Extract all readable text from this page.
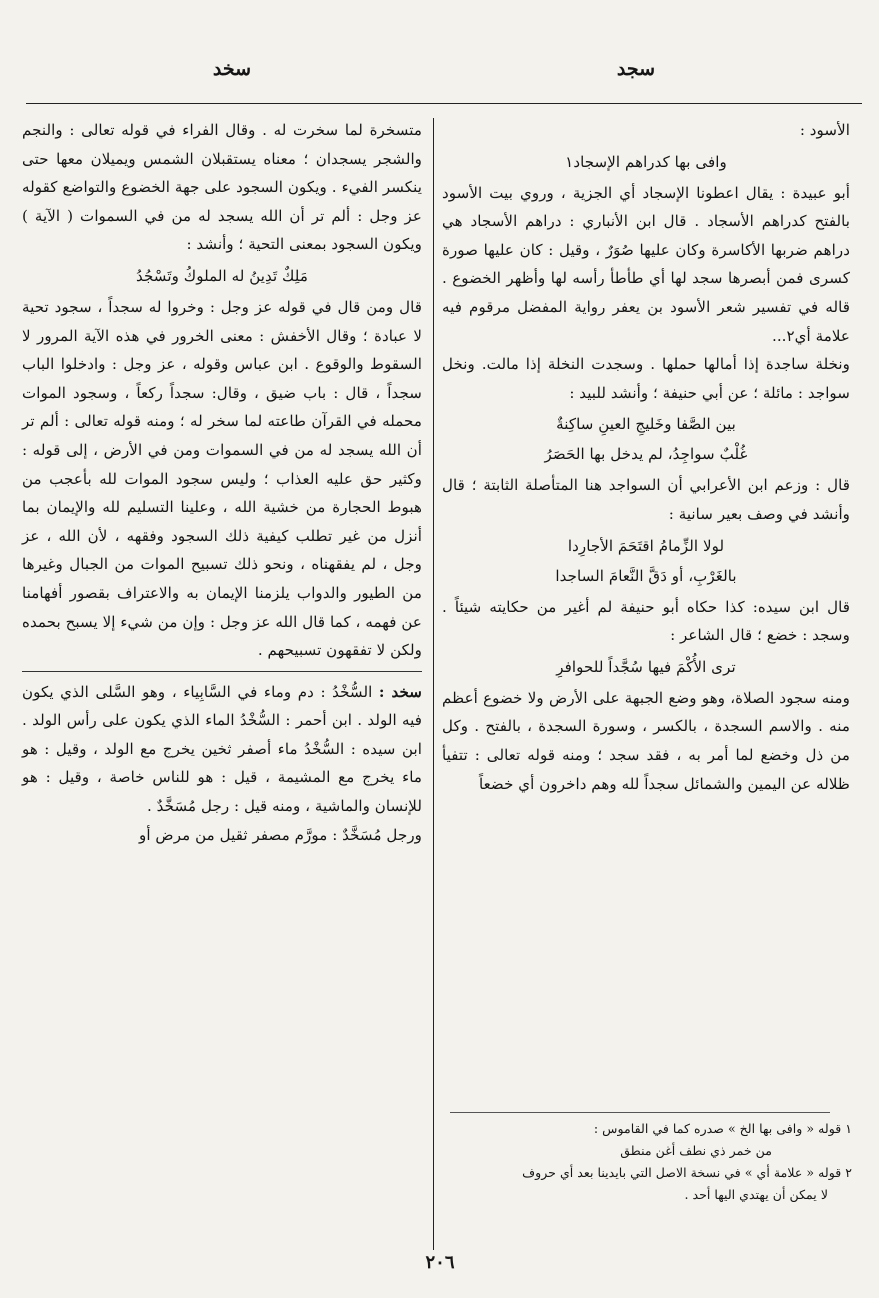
سجد
سخد

الأسود :

وافى بها كدراهم الإسجاد١

أبو عبيدة : يقال اعطونا الإسجاد أي الجزية ، وروي بيت الأسود بالفتح كدراهم الأسجاد . قال ابن الأنباري : دراهم الأسجاد هي دراهم ضربها الأكاسرة وكان عليها صُوَرٌ ، وقيل : كان عليها صورة كسرى فمن أبصرها سجد لها أي طأطأ رأسه لها وأظهر الخضوع . قاله في تفسير شعر الأسود بن يعفر رواية المفضل مرقوم فيه علامة أي٢...

ونخلة ساجدة إذا أمالها حملها . وسجدت النخلة إذا مالت. ونخل سواجد : مائلة ؛ عن أبي حنيفة ؛ وأنشد للبيد :

بين الصَّفا وخَليجِ العينِ ساكِنةٌ
غُلْبٌ سواجِدُ، لم يدخل بها الحَصَرُ

قال : وزعم ابن الأعرابي أن السواجد هنا المتأصلة الثابتة ؛ قال وأنشد في وصف بعير سانية :

لولا الزِّمامُ اقتَحَمَ الأجارِدا
بالغَرْبِ، أو دَقَّ النَّعامَ الساجدا

قال ابن سيده: كذا حكاه أبو حنيفة لم أغير من حكايته شيئاً . وسجد : خضع ؛ قال الشاعر :

ترى الأُكْمَ فيها سُجَّداً للحوافرِ

ومنه سجود الصلاة، وهو وضع الجبهة على الأرض ولا خضوع أعظم منه . والاسم السجدة ، بالكسر ، وسورة السجدة ، بالفتح . وكل من ذل وخضع لما أمر به ، فقد سجد ؛ ومنه قوله تعالى : تتفيأ ظلاله عن اليمين والشمائل سجداً لله وهم داخرون أي خضعاً

١ قوله « وافى بها الخ » صدره كما في القاموس :

من خمر ذي نطف أغن منطق

٢ قوله « علامة أي » في نسخة الاصل التي بايدينا بعد أي حروف

لا يمكن أن يهتدي اليها أحد .

متسخرة لما سخرت له . وقال الفراء في قوله تعالى : والنجم والشجر يسجدان ؛ معناه يستقبلان الشمس ويميلان معها حتى ينكسر الفيء . ويكون السجود على جهة الخضوع والتواضع كقوله عز وجل : ألم تر أن الله يسجد له من في السموات ( الآية ) ويكون السجود بمعنى التحية ؛ وأنشد :

مَلِكٌ تَدِينُ له الملوكُ وتَسْجُدُ

قال ومن قال في قوله عز وجل : وخروا له سجداً ، سجود تحية لا عبادة ؛ وقال الأخفش : معنى الخرور في هذه الآية المرور لا السقوط والوقوع . ابن عباس وقوله ، عز وجل : وادخلوا الباب سجداً ، قال : باب ضيق ، وقال: سجداً ركعاً ، وسجود الموات محمله في القرآن طاعته لما سخر له ؛ ومنه قوله تعالى : ألم تر أن الله يسجد له من في السموات ومن في الأرض ، إلى قوله : وكثير حق عليه العذاب ؛ وليس سجود الموات لله بأعجب من هبوط الحجارة من خشية الله ، وعلينا التسليم لله والإيمان بما أنزل من غير تطلب كيفية ذلك السجود وفقهه ، لأن الله ، عز وجل ، لم يفقهناه ، ونحو ذلك تسبيح الموات من الجبال وغيرها من الطيور والدواب يلزمنا الإيمان به والاعتراف بقصور أفهامنا عن فهمه ، كما قال الله عز وجل : وإن من شيء إلا يسبح بحمده ولكن لا تفقهون تسبيحهم .

سخد : السُّخْدُ : دم وماء في السَّابِياء ، وهو السَّلى الذي يكون فيه الولد . ابن أحمر : السُّخْدُ الماء الذي يكون على رأس الولد . ابن سيده : السُّخْدُ ماء أصفر ثخين يخرج مع الولد ، وقيل : هو ماء يخرج مع المشيمة ، قيل : هو للناس خاصة ، وقيل : هو للإنسان والماشية ، ومنه قيل : رجل مُسَخَّدٌ .

ورجل مُسَخَّدٌ : مورَّم مصفر ثقيل من مرض أو

٢٠٦
